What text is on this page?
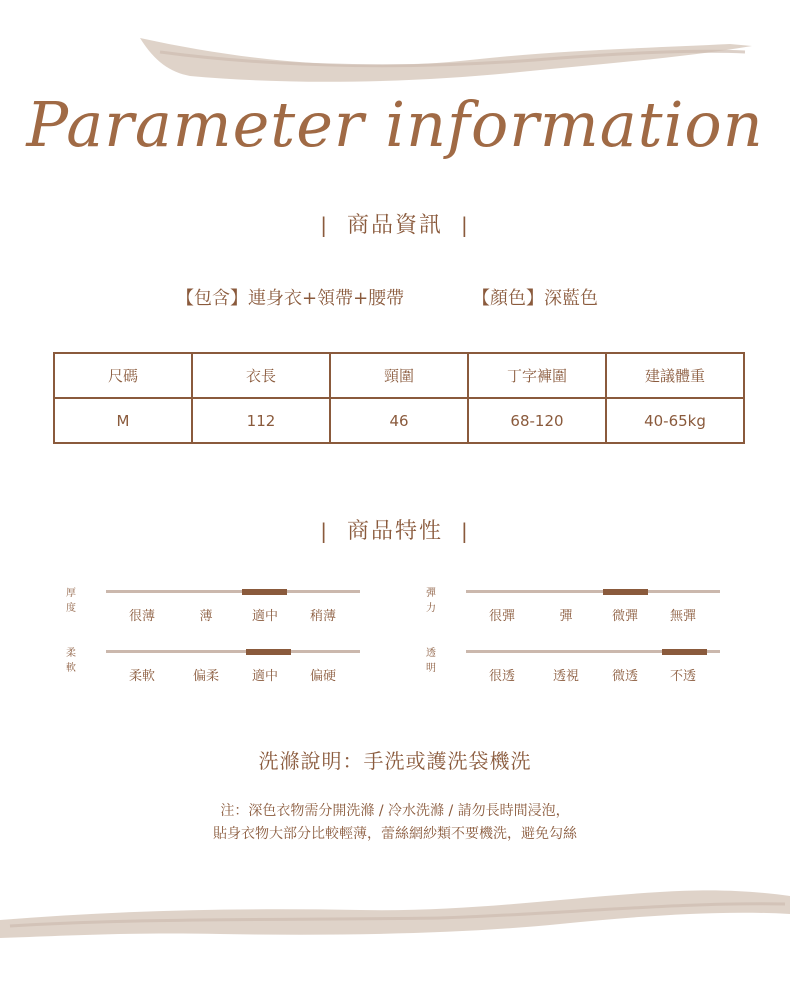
Parameter information
| 商品資訊 |
【包含】連身衣+領帶+腰帶	【顏色】深藍色
尺碼	衣長	頸圍	丁字褲圍	建議體重
M	112	46	68-120	40-65kg
| 商品特性 |
厚度
很薄	薄	適中	稍薄
彈力
很彈	彈	微彈	無彈
柔軟
柔軟	偏柔	適中	偏硬
透明
很透	透視	微透	不透
洗滌說明：手洗或護洗袋機洗
注：深色衣物需分開洗滌 / 冷水洗滌 / 請勿長時間浸泡，
貼身衣物大部分比較輕薄，蕾絲網紗類不要機洗，避免勾絲
